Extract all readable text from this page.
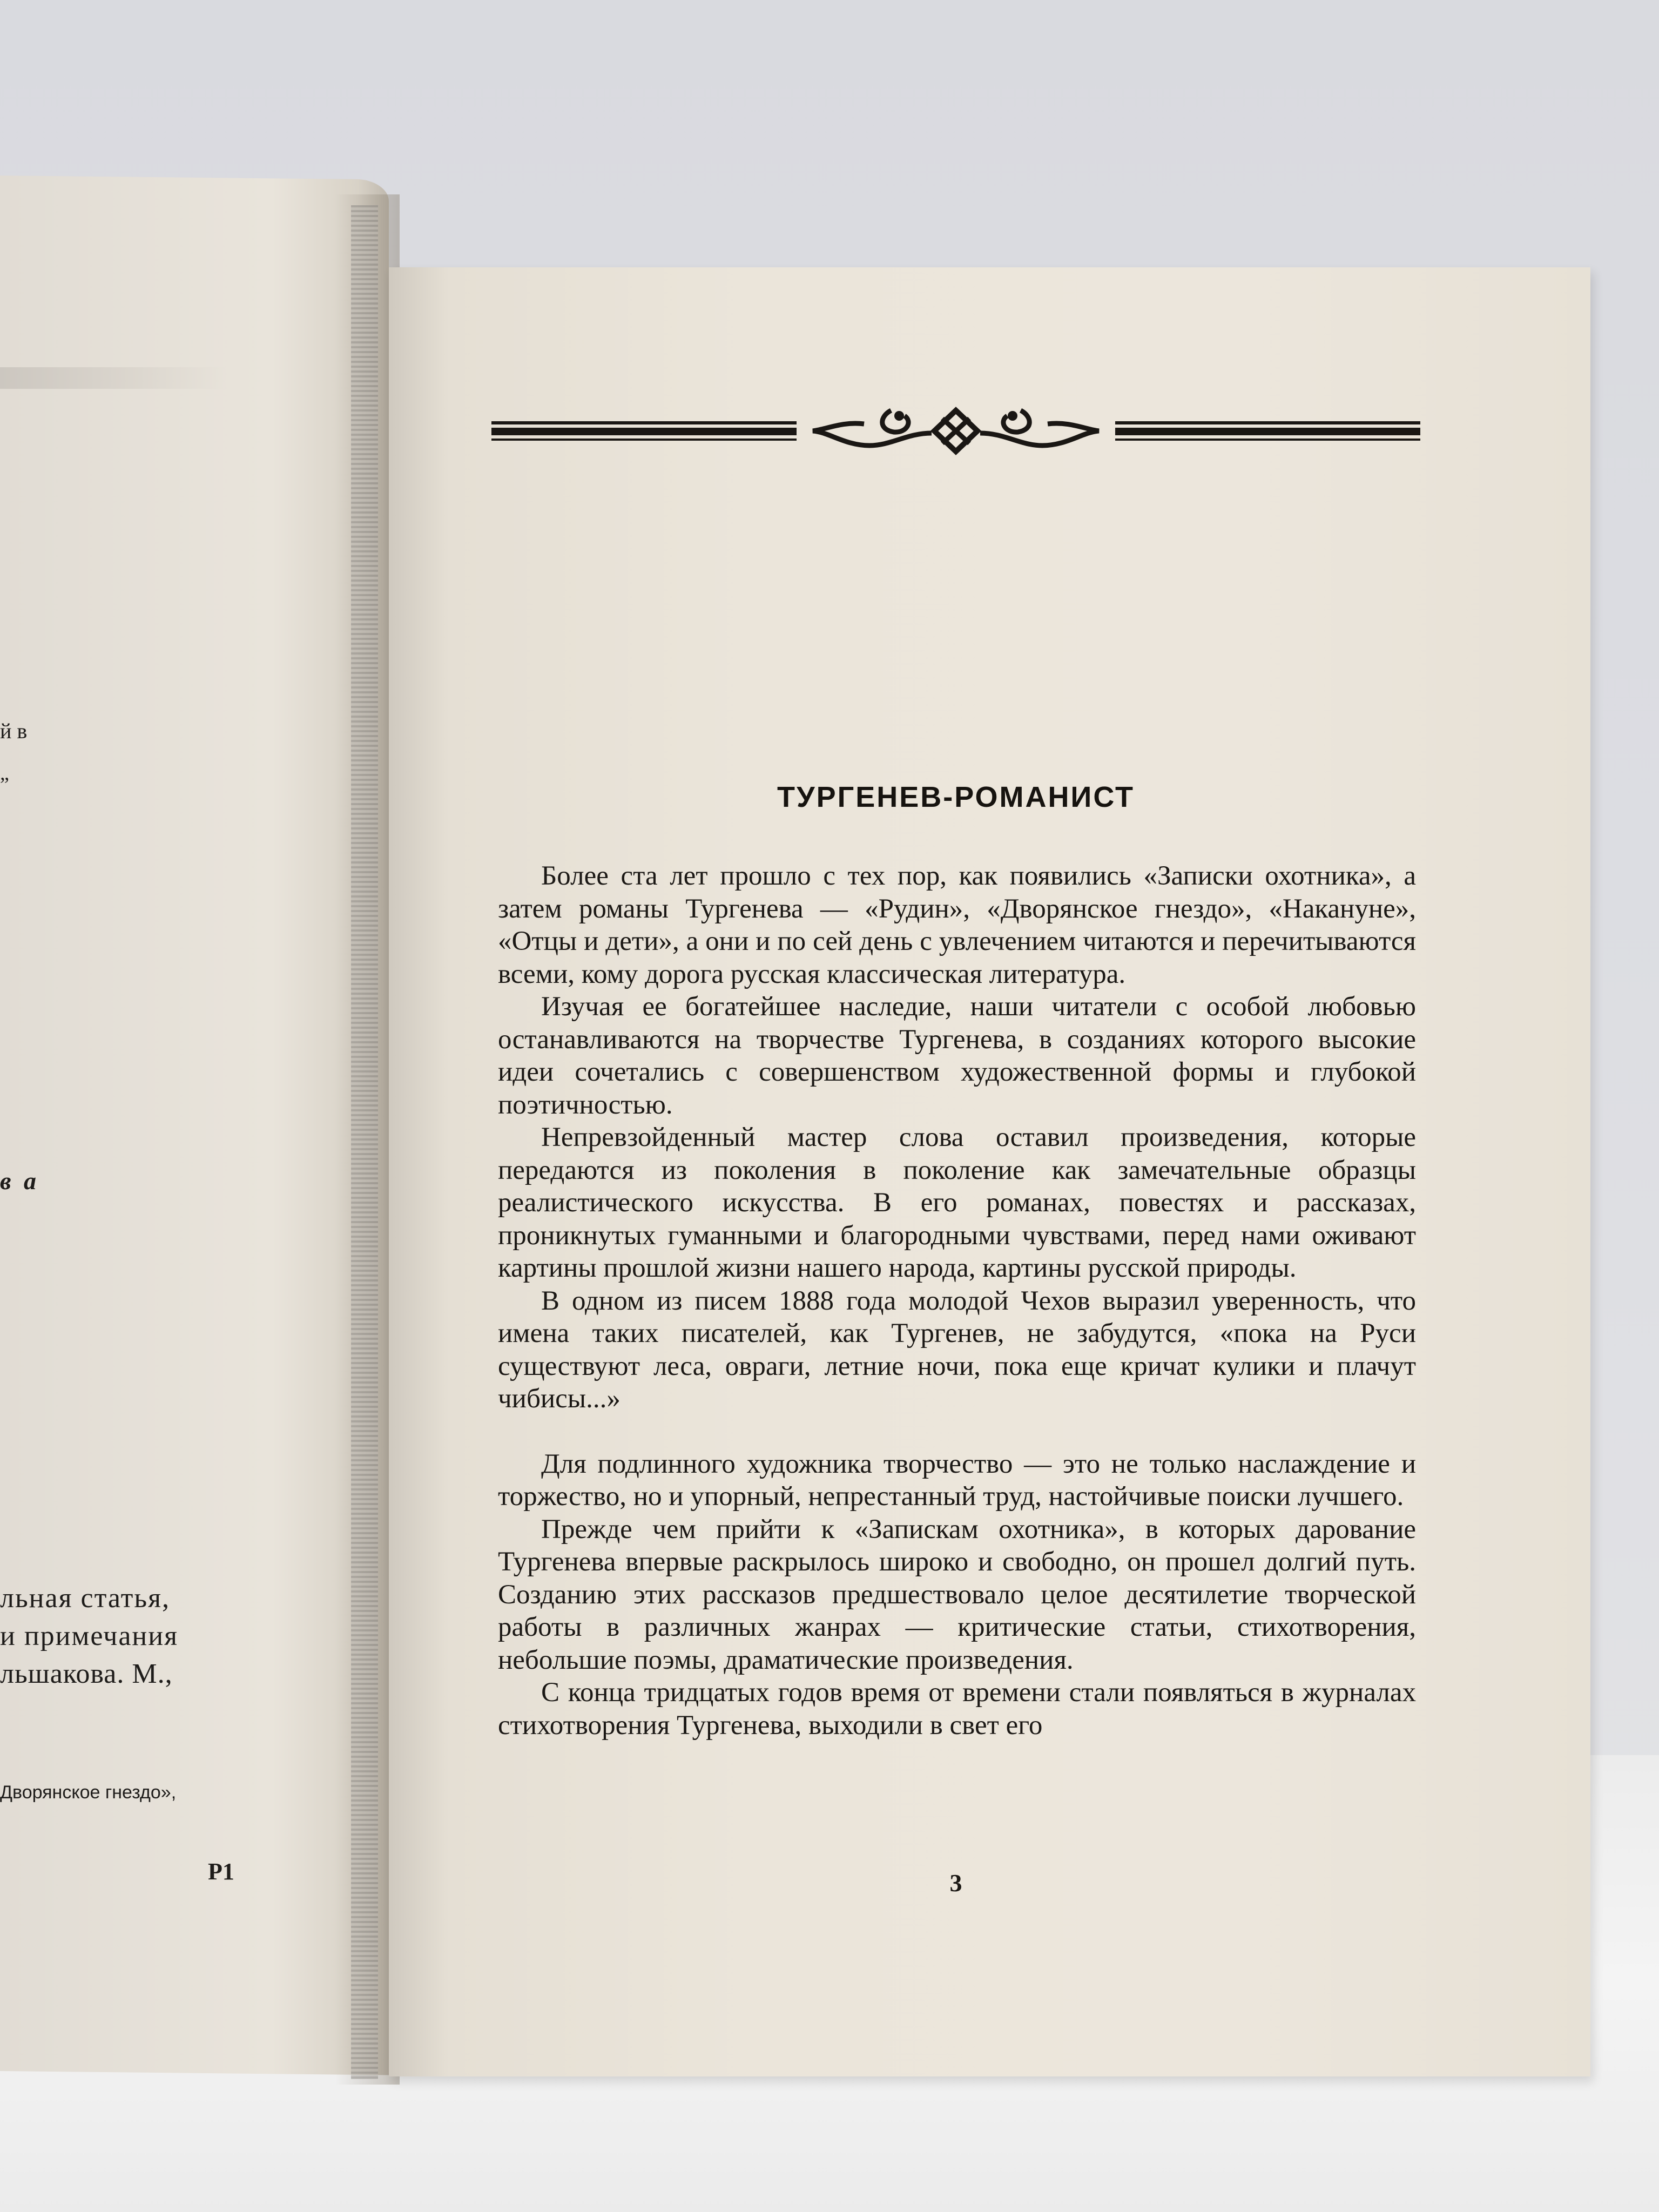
й в
„
в а
льная статья,
и примечания
льшакова. М.,
Дворянское гнездо»,
Р1
ТУРГЕНЕВ-РОМАНИСТ

Более ста лет прошло с тех пор, как появились «Записки охотника», а затем романы Тургенева — «Рудин», «Дворянское гнездо», «Накануне», «Отцы и дети», а они и по сей день с увлечением читаются и перечитываются всеми, кому дорога русская классическая литература.

Изучая ее богатейшее наследие, наши читатели с особой любовью останавливаются на творчестве Тургенева, в созданиях которого высокие идеи сочетались с совершенством художественной формы и глубокой поэтичностью.

Непревзойденный мастер слова оставил произведения, которые передаются из поколения в поколение как замечательные образцы реалистического искусства. В его романах, повестях и рассказах, проникнутых гуманными и благородными чувствами, перед нами оживают картины прошлой жизни нашего народа, картины русской природы.

В одном из писем 1888 года молодой Чехов выразил уверенность, что имена таких писателей, как Тургенев, не забудутся, «пока на Руси существуют леса, овраги, летние ночи, пока еще кричат кулики и плачут чибисы...»

Для подлинного художника творчество — это не только наслаждение и торжество, но и упорный, непрестанный труд, настойчивые поиски лучшего.

Прежде чем прийти к «Запискам охотника», в которых дарование Тургенева впервые раскрылось широко и свободно, он прошел долгий путь. Созданию этих рассказов предшествовало целое десятилетие творческой работы в различных жанрах — критические статьи, стихотворения, небольшие поэмы, драматические произведения.

С конца тридцатых годов время от времени стали появляться в журналах стихотворения Тургенева, выходили в свет его

3
